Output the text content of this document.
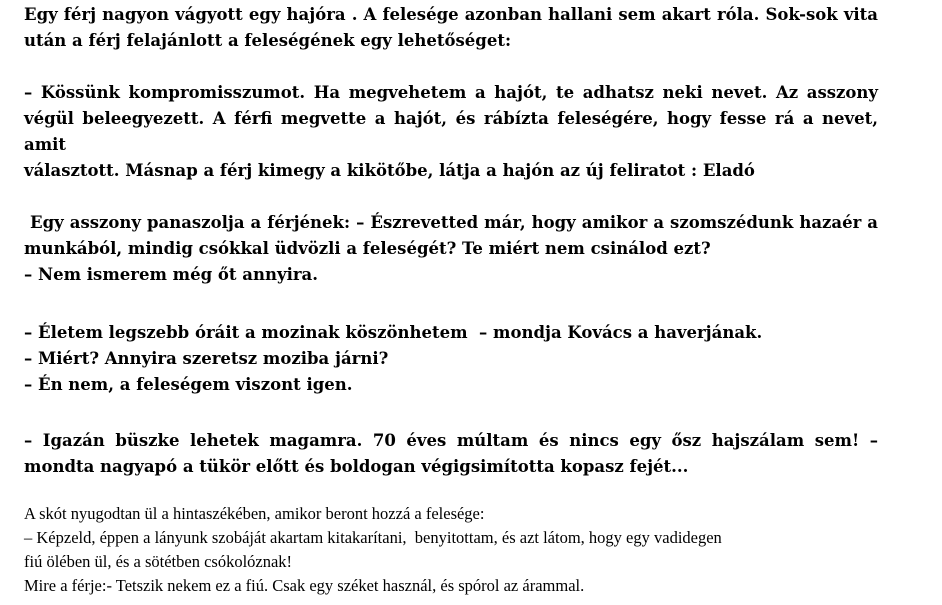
Egy férj nagyon vágyott egy hajóra . A felesége azonban hallani sem akart róla. Sok-sok vita
után a férj felajánlott a feleségének egy lehetőséget:
– Kössünk kompromisszumot. Ha megvehetem a hajót, te adhatsz neki nevet. Az asszony
végül beleegyezett. A férfi megvette a hajót, és rábízta feleségére, hogy fesse rá a nevet, amit
választott. Másnap a férj kimegy a kikötőbe, látja a hajón az új feliratot : Eladó
Egy asszony panaszolja a férjének: – Észrevetted már, hogy amikor a szomszédunk hazaér a
munkából, mindig csókkal üdvözli a feleségét? Te miért nem csinálod ezt?
– Nem ismerem még őt annyira.
– Életem legszebb óráit a mozinak köszönhetem  – mondja Kovács a haverjának.
– Miért? Annyira szeretsz moziba járni?
– Én nem, a feleségem viszont igen.
– Igazán büszke lehetek magamra. 70 éves múltam és nincs egy ősz hajszálam sem! –
mondta nagyapó a tükör előtt és boldogan végigsimította kopasz fejét...
A skót nyugodtan ül a hintaszékében, amikor beront hozzá a felesége:
– Képzeld, éppen a lányunk szobáját akartam kitakarítani,  benyitottam, és azt látom, hogy egy vadidegen
fiú ölében ül, és a sötétben csókolóznak!
Mire a férje:- Tetszik nekem ez a fiú. Csak egy széket használ, és spórol az árammal.
